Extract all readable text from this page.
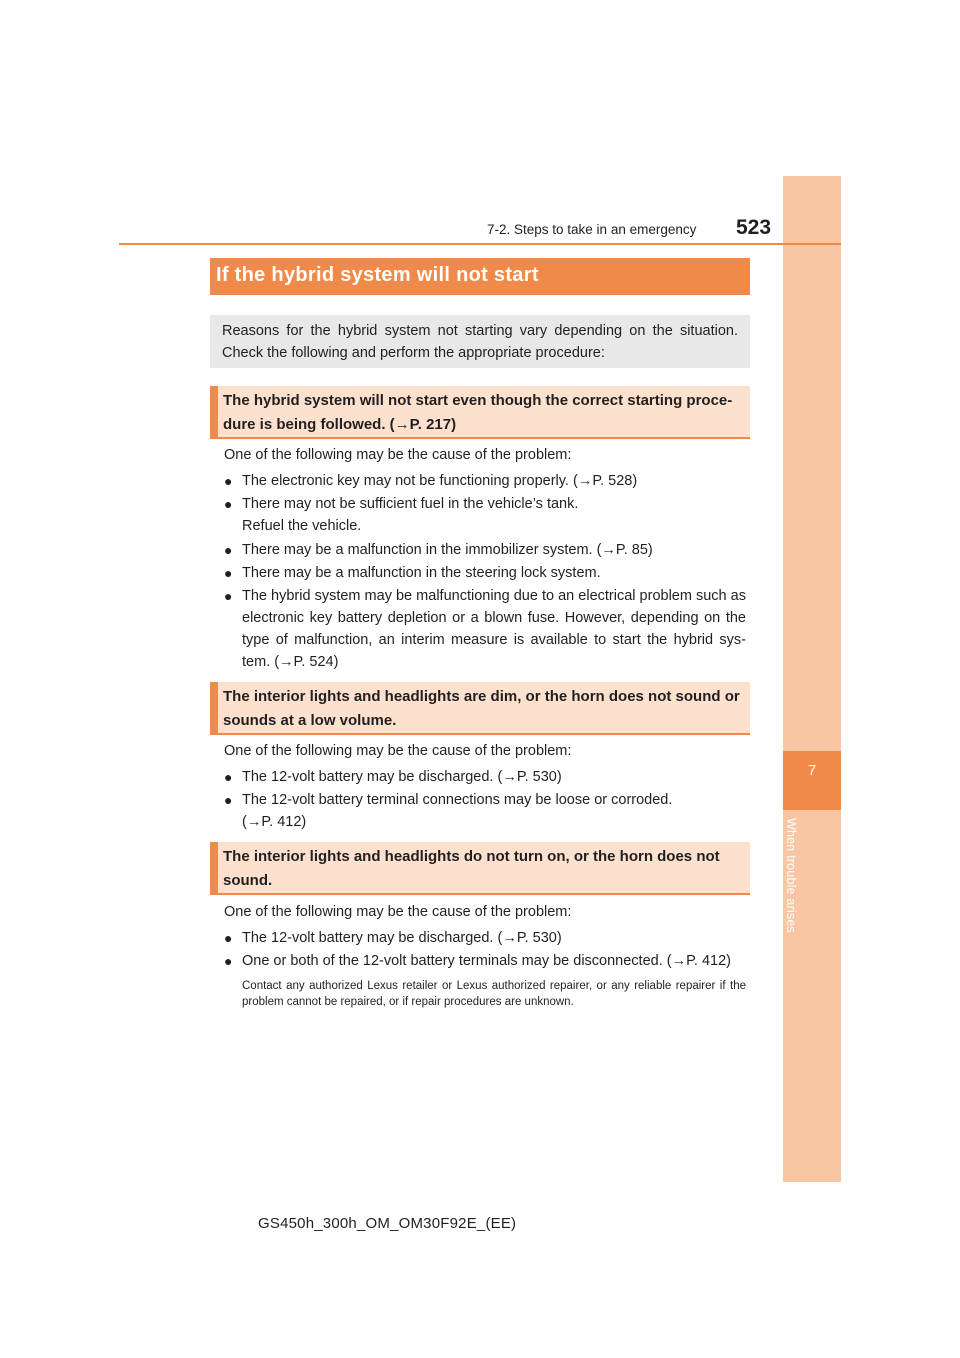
7
When trouble arises
7-2. Steps to take in an emergency 523
If the hybrid system will not start
Reasons for the hybrid system not starting vary depending on the situation. Check the following and perform the appropriate procedure:
The hybrid system will not start even though the correct starting proce-
dure is being followed. (→P. 217)
One of the following may be the cause of the problem:
● The electronic key may not be functioning properly. (→P. 528)
● There may not be sufficient fuel in the vehicle’s tank. Refuel the vehicle.
● There may be a malfunction in the immobilizer system. (→P. 85)
● There may be a malfunction in the steering lock system.
● The hybrid system may be malfunctioning due to an electrical problem such as electronic key battery depletion or a blown fuse. However, depending on the type of malfunction, an interim measure is available to start the hybrid sys-tem. (→P. 524)
The interior lights and headlights are dim, or the horn does not sound or
sounds at a low volume.
One of the following may be the cause of the problem:
● The 12-volt battery may be discharged. (→P. 530)
● The 12-volt battery terminal connections may be loose or corroded. (→P. 412)
The interior lights and headlights do not turn on, or the horn does not
sound.
One of the following may be the cause of the problem:
● The 12-volt battery may be discharged. (→P. 530)
● One or both of the 12-volt battery terminals may be disconnected. (→P. 412)
Contact any authorized Lexus retailer or Lexus authorized repairer, or any reliable repairer if the problem cannot be repaired, or if repair procedures are unknown.
GS450h_300h_OM_OM30F92E_(EE)
